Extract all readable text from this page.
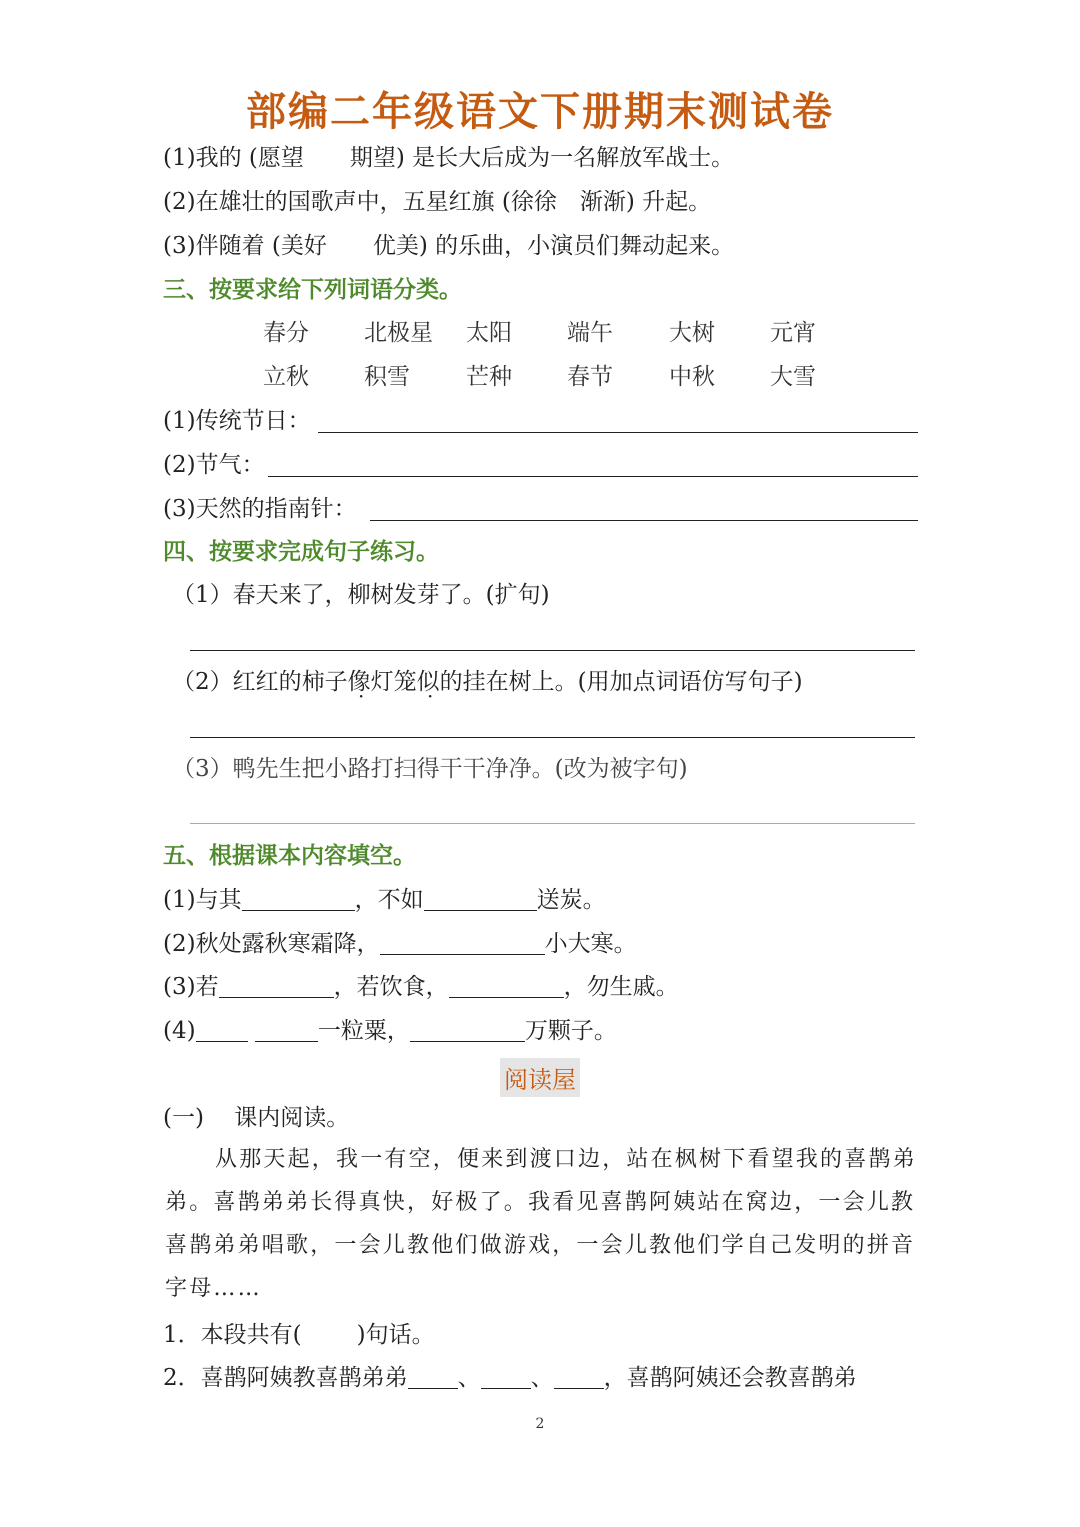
部编二年级语文下册期末测试卷
(1)我的 (愿望　　期望) 是长大后成为一名解放军战士。
(2)在雄壮的国歌声中，五星红旗 (徐徐　渐渐) 升起。
(3)伴随着 (美好　　优美) 的乐曲，小演员们舞动起来。
三、按要求给下列词语分类。
春分 北极星 太阳 端午 大树 元宵
立秋 积雪 芒种 春节 中秋 大雪
(1)传统节日：
(2)节气：
(3)天然的指南针：
四、按要求完成句子练习。
（1）春天来了，柳树发芽了。(扩句)
（2）红红的柿子像灯笼似的挂在树上。(用加点词语仿写句子)
（3）鸭先生把小路打扫得干干净净。(改为被字句)
五、根据课本内容填空。
(1)与其	，不如	送炭。
(2)秋处露秋寒霜降，	小大寒。
(3)若	，若饮食，	，勿生戚。
(4)	一粒粟，	万颗子。
阅读屋
(一)　 课内阅读。
从那天起，我一有空，便来到渡口边，站在枫树下看望我的喜鹊弟弟。喜鹊弟弟长得真快，好极了。我看见喜鹊阿姨站在窝边，一会 ·儿教喜鹊弟弟唱歌，一会儿教他们做游戏，一会儿教他们学自己发明的拼音字母……
1．本段共有( )句话。
2．喜鹊阿姨教喜鹊弟弟 、 、 ，喜鹊阿姨还会教喜鹊弟
2
